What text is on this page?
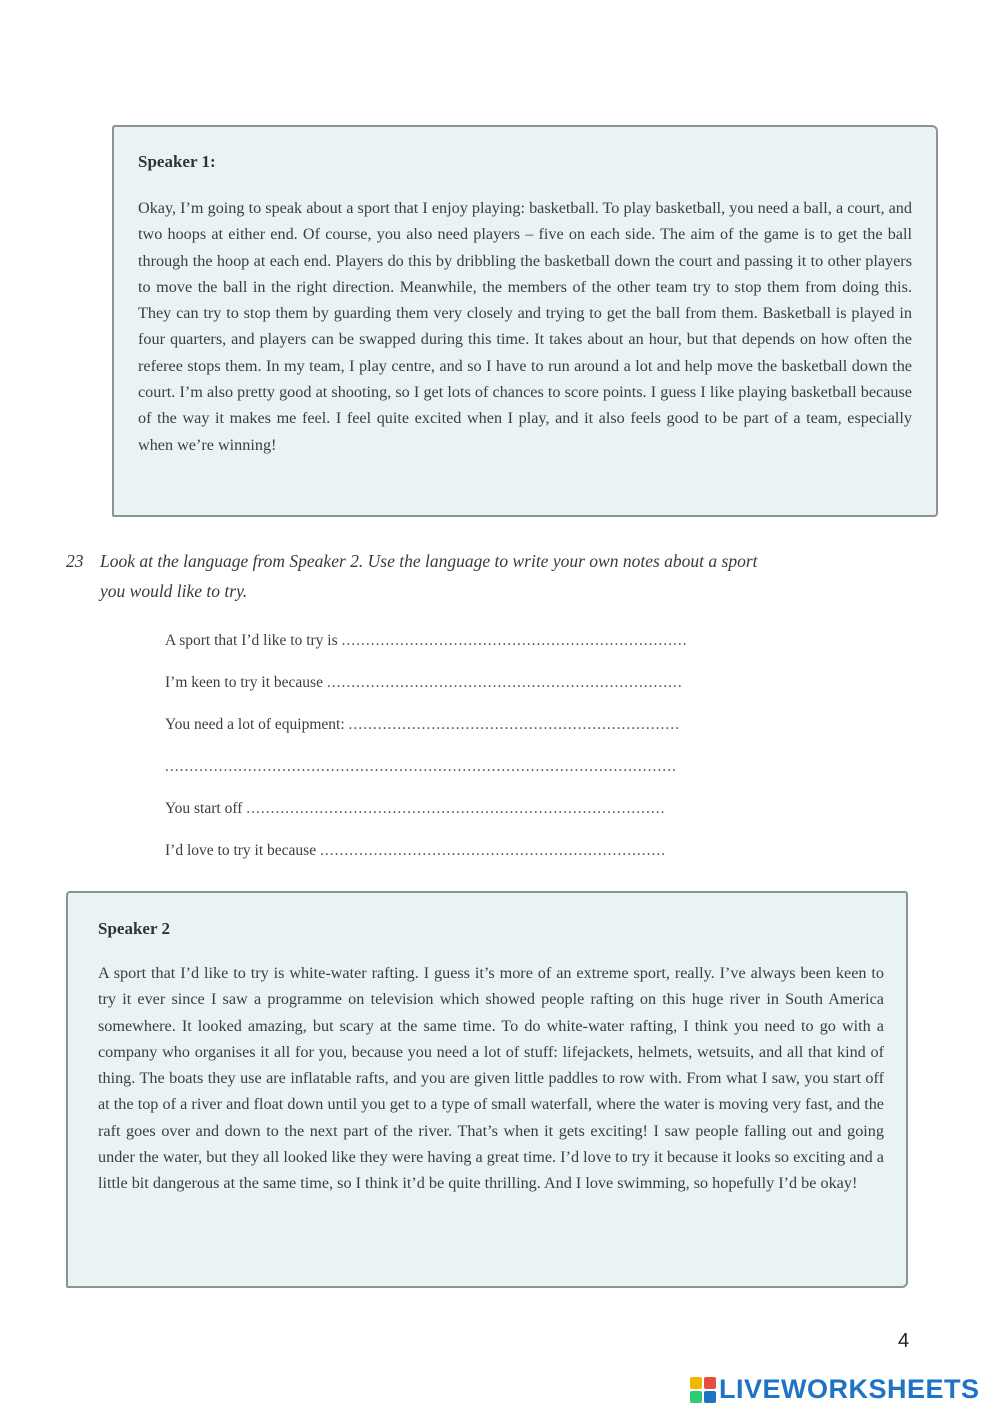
Speaker 1:
Okay, I’m going to speak about a sport that I enjoy playing: basketball. To play basketball, you need a ball, a court, and two hoops at either end. Of course, you also need players – five on each side. The aim of the game is to get the ball through the hoop at each end. Players do this by dribbling the basketball down the court and passing it to other players to move the ball in the right direction. Meanwhile, the members of the other team try to stop them from doing this. They can try to stop them by guarding them very closely and trying to get the ball from them. Basketball is played in four quarters, and players can be swapped during this time. It takes about an hour, but that depends on how often the referee stops them. In my team, I play centre, and so I have to run around a lot and help move the basketball down the court. I’m also pretty good at shooting, so I get lots of chances to score points. I guess I like playing basketball because of the way it makes me feel. I feel quite excited when I play, and it also feels good to be part of a team, especially when we’re winning!
23 Look at the language from Speaker 2. Use the language to write your own notes about a sport
you would like to try.
A sport that I’d like to try is .......................................................................
I’m keen to try it because .........................................................................
You need a lot of equipment: ....................................................................
.........................................................................................................
You start off ......................................................................................
I’d love to try it because .......................................................................
Speaker 2
A sport that I’d like to try is white-water rafting. I guess it’s more of an extreme sport, really. I’ve always been keen to try it ever since I saw a programme on television which showed people rafting on this huge river in South America somewhere. It looked amazing, but scary at the same time. To do white-water rafting, I think you need to go with a company who organises it all for you, because you need a lot of stuff: lifejackets, helmets, wetsuits, and all that kind of thing. The boats they use are inflatable rafts, and you are given little paddles to row with. From what I saw, you start off at the top of a river and float down until you get to a type of small waterfall, where the water is moving very fast, and the raft goes over and down to the next part of the river. That’s when it gets exciting! I saw people falling out and going under the water, but they all looked like they were having a great time. I’d love to try it because it looks so exciting and a little bit dangerous at the same time, so I think it’d be quite thrilling. And I love swimming, so hopefully I’d be okay!
4
LIVEWORKSHEETS
